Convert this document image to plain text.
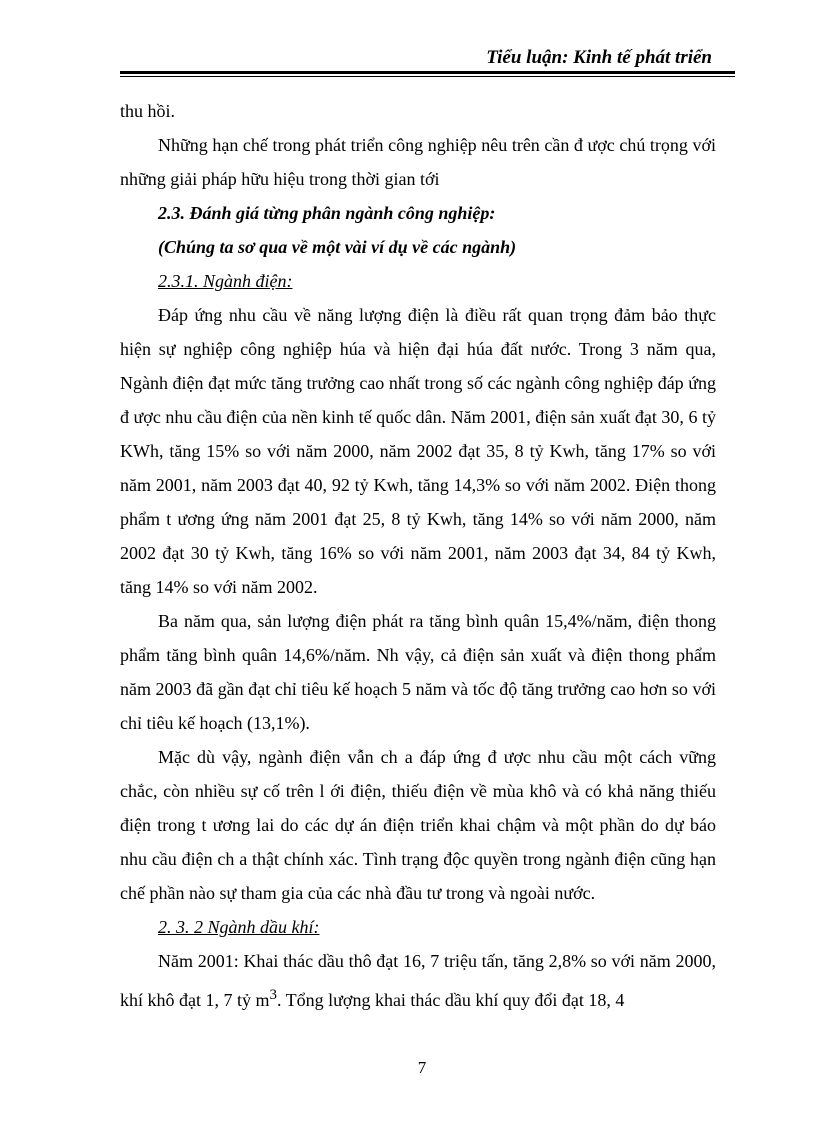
Tiểu luận: Kinh tế phát triển

thu hồi.

Những hạn chế trong phát triển công nghiệp nêu trên cần đ ược chú trọng với những giải pháp hữu hiệu trong thời gian tới

2.3. Đánh giá từng phân ngành công nghiệp:

(Chúng ta sơ qua về một vài ví dụ về các ngành)

2.3.1. Ngành điện:

Đáp ứng nhu cầu về năng lượng điện là điều rất quan trọng đảm bảo thực hiện sự nghiệp công nghiệp húa và hiện đại húa đất nước. Trong 3 năm qua, Ngành điện đạt mức tăng trưởng cao nhất trong số các ngành công nghiệp đáp ứng đ ược nhu cầu điện của nền kinh tế quốc dân. Năm 2001, điện sản xuất đạt 30, 6 tỷ KWh, tăng 15% so với năm 2000, năm 2002 đạt 35, 8 tỷ Kwh, tăng 17% so với năm 2001, năm 2003 đạt 40, 92 tỷ Kwh, tăng 14,3% so với năm 2002. Điện thong phẩm t ương ứng năm 2001 đạt 25, 8 tỷ Kwh, tăng 14% so với năm 2000, năm 2002 đạt 30 tỷ Kwh, tăng 16% so với năm 2001, năm 2003 đạt 34, 84 tỷ Kwh, tăng 14% so với năm 2002.

Ba năm qua, sản lượng điện phát ra tăng bình quân 15,4%/năm, điện thong phẩm tăng bình quân 14,6%/năm. Nh vậy, cả điện sản xuất và điện thong phẩm năm 2003 đã gần đạt chỉ tiêu kế hoạch 5 năm và tốc độ tăng trưởng cao hơn so với chỉ tiêu kế hoạch (13,1%).

Mặc dù vậy, ngành điện vẫn ch a đáp ứng đ ược nhu cầu một cách vững chắc, còn nhiều sự cố trên l ới điện, thiếu điện về mùa khô và có khả năng thiếu điện trong t ương lai do các dự án điện triển khai chậm và một phần do dự báo nhu cầu điện ch a thật chính xác. Tình trạng độc quyền trong ngành điện cũng hạn chế phần nào sự tham gia của các nhà đầu tư trong và ngoài nước.

2. 3. 2 Ngành dầu khí:

Năm 2001: Khai thác dầu thô đạt 16, 7 triệu tấn, tăng 2,8% so với năm 2000, khí khô đạt 1, 7 tỷ $m^3$. Tổng lượng khai thác dầu khí quy đổi đạt 18, 4

7
